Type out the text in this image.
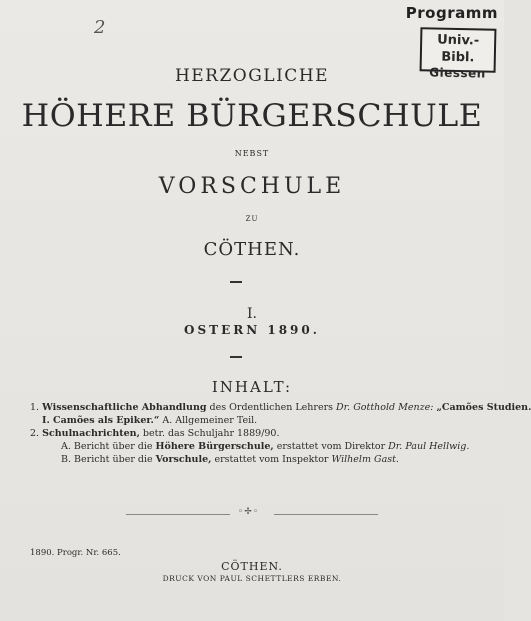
Programm
Univ.-Bibl.
Giessen
2
HERZOGLICHE
HÖHERE BÜRGERSCHULE
NEBST
VORSCHULE
ZU
CÖTHEN.
I.
OSTERN 1890.
INHALT:
1. Wissenschaftliche Abhandlung des Ordentlichen Lehrers Dr. Gotthold Menze: „Camões Studien.
I. Camões als Epiker.“ A. Allgemeiner Teil.
2. Schulnachrichten, betr. das Schuljahr 1889/90.
A. Bericht über die Höhere Bürgerschule, erstattet vom Direktor Dr. Paul Hellwig.
B. Bericht über die Vorschule, erstattet vom Inspektor Wilhelm Gast.
◦✢◦
1890. Progr. Nr. 665.
CÖTHEN.
DRUCK VON PAUL SCHETTLERS ERBEN.
